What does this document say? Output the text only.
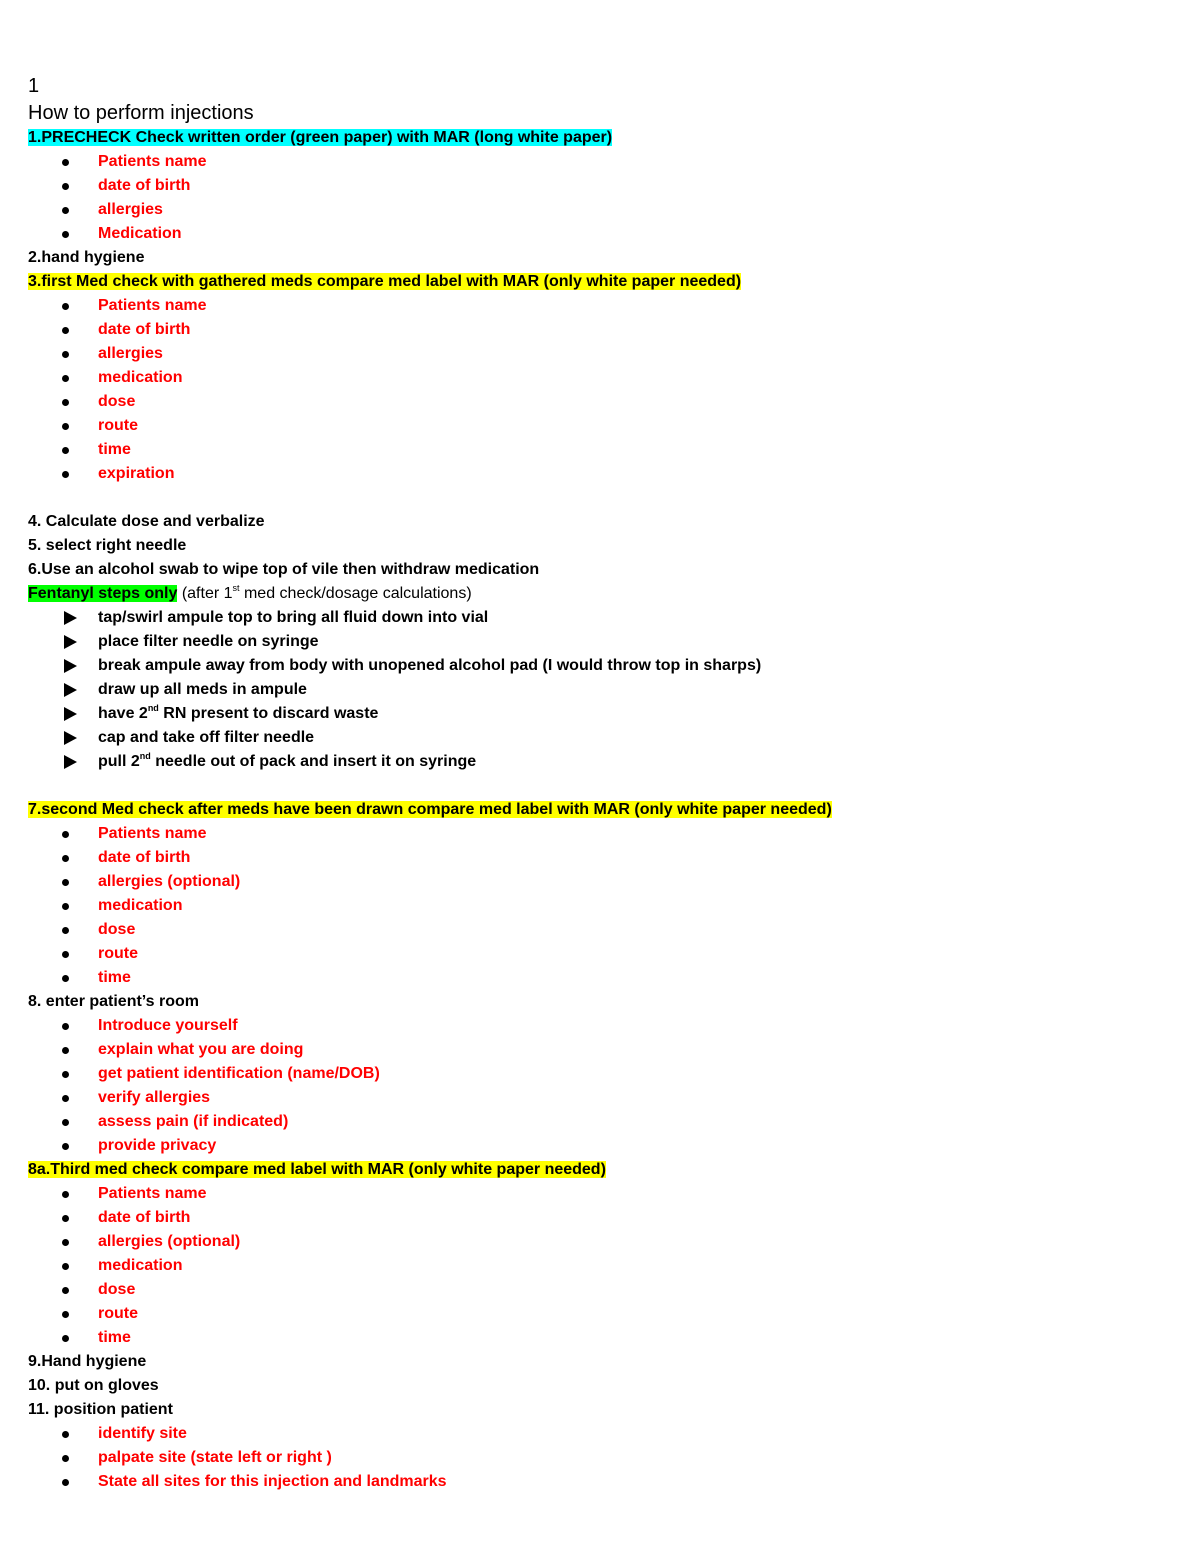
1
How to perform injections
1.PRECHECK Check written order (green paper) with MAR (long white paper)
Patients name
date of birth
allergies
Medication
2.hand hygiene
3.first Med check with gathered meds compare med label with MAR (only white paper needed)
Patients name
date of birth
allergies
medication
dose
route
time
expiration
4. Calculate dose and verbalize
5. select right needle
6.Use an alcohol swab to wipe top of vile then withdraw medication
Fentanyl steps only (after 1st med check/dosage calculations)
tap/swirl ampule top to bring all fluid down into vial
place filter needle on syringe
break ampule away from body with unopened alcohol pad (I would throw top in sharps)
draw up all meds in ampule
have 2nd RN present to discard waste
cap and take off filter needle
pull 2nd needle out of pack and insert it on syringe
7.second Med check after meds have been drawn compare med label with MAR (only white paper needed)
Patients name
date of birth
allergies (optional)
medication
dose
route
time
8. enter patient’s room
Introduce yourself
explain what you are doing
get patient identification (name/DOB)
verify allergies
assess pain (if indicated)
provide privacy
8a.Third med check compare med label with MAR (only white paper needed)
Patients name
date of birth
allergies (optional)
medication
dose
route
time
9.Hand hygiene
10. put on gloves
11. position patient
identify site
palpate site (state left or right )
State all sites for this injection and landmarks
